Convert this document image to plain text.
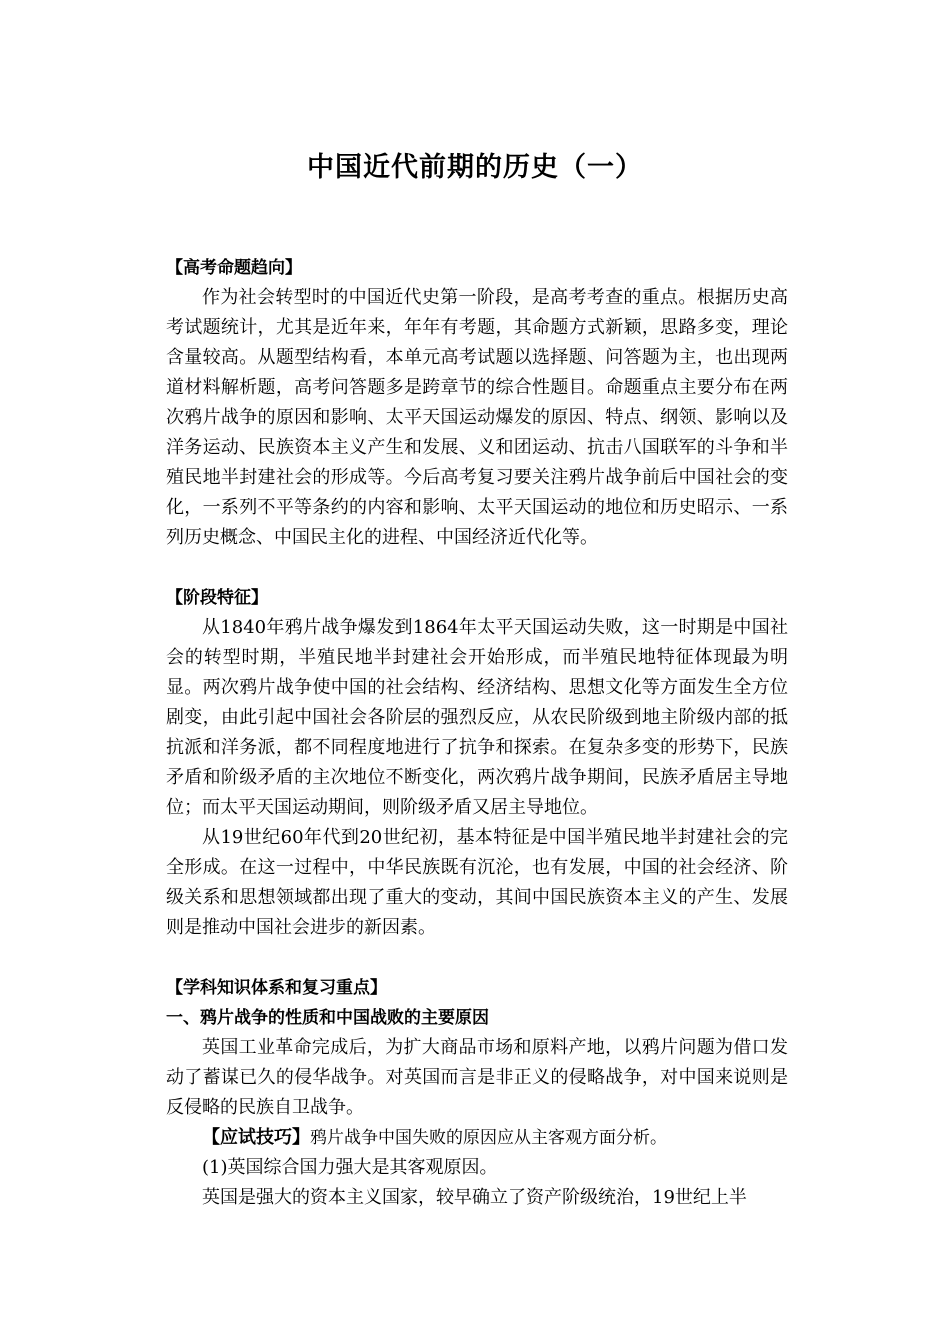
中国近代前期的历史（一）

【高考命题趋向】

作为社会转型时的中国近代史第一阶段，是高考考查的重点。根据历史高考试题统计，尤其是近年来，年年有考题，其命题方式新颖，思路多变，理论含量较高。从题型结构看，本单元高考试题以选择题、问答题为主，也出现两道材料解析题，高考问答题多是跨章节的综合性题目。命题重点主要分布在两次鸦片战争的原因和影响、太平天国运动爆发的原因、特点、纲领、影响以及洋务运动、民族资本主义产生和发展、义和团运动、抗击八国联军的斗争和半殖民地半封建社会的形成等。今后高考复习要关注鸦片战争前后中国社会的变化，一系列不平等条约的内容和影响、太平天国运动的地位和历史昭示、一系列历史概念、中国民主化的进程、中国经济近代化等。

【阶段特征】

从1840年鸦片战争爆发到1864年太平天国运动失败，这一时期是中国社会的转型时期，半殖民地半封建社会开始形成，而半殖民地特征体现最为明显。两次鸦片战争使中国的社会结构、经济结构、思想文化等方面发生全方位剧变，由此引起中国社会各阶层的强烈反应，从农民阶级到地主阶级内部的抵抗派和洋务派，都不同程度地进行了抗争和探索。在复杂多变的形势下，民族矛盾和阶级矛盾的主次地位不断变化，两次鸦片战争期间，民族矛盾居主导地位；而太平天国运动期间，则阶级矛盾又居主导地位。

从19世纪60年代到20世纪初，基本特征是中国半殖民地半封建社会的完全形成。在这一过程中，中华民族既有沉沦，也有发展，中国的社会经济、阶级关系和思想领域都出现了重大的变动，其间中国民族资本主义的产生、发展则是推动中国社会进步的新因素。

【学科知识体系和复习重点】

一、鸦片战争的性质和中国战败的主要原因

英国工业革命完成后，为扩大商品市场和原料产地，以鸦片问题为借口发动了蓄谋已久的侵华战争。对英国而言是非正义的侵略战争，对中国来说则是反侵略的民族自卫战争。

【应试技巧】鸦片战争中国失败的原因应从主客观方面分析。

(1)英国综合国力强大是其客观原因。

英国是强大的资本主义国家，较早确立了资产阶级统治，19世纪上半
